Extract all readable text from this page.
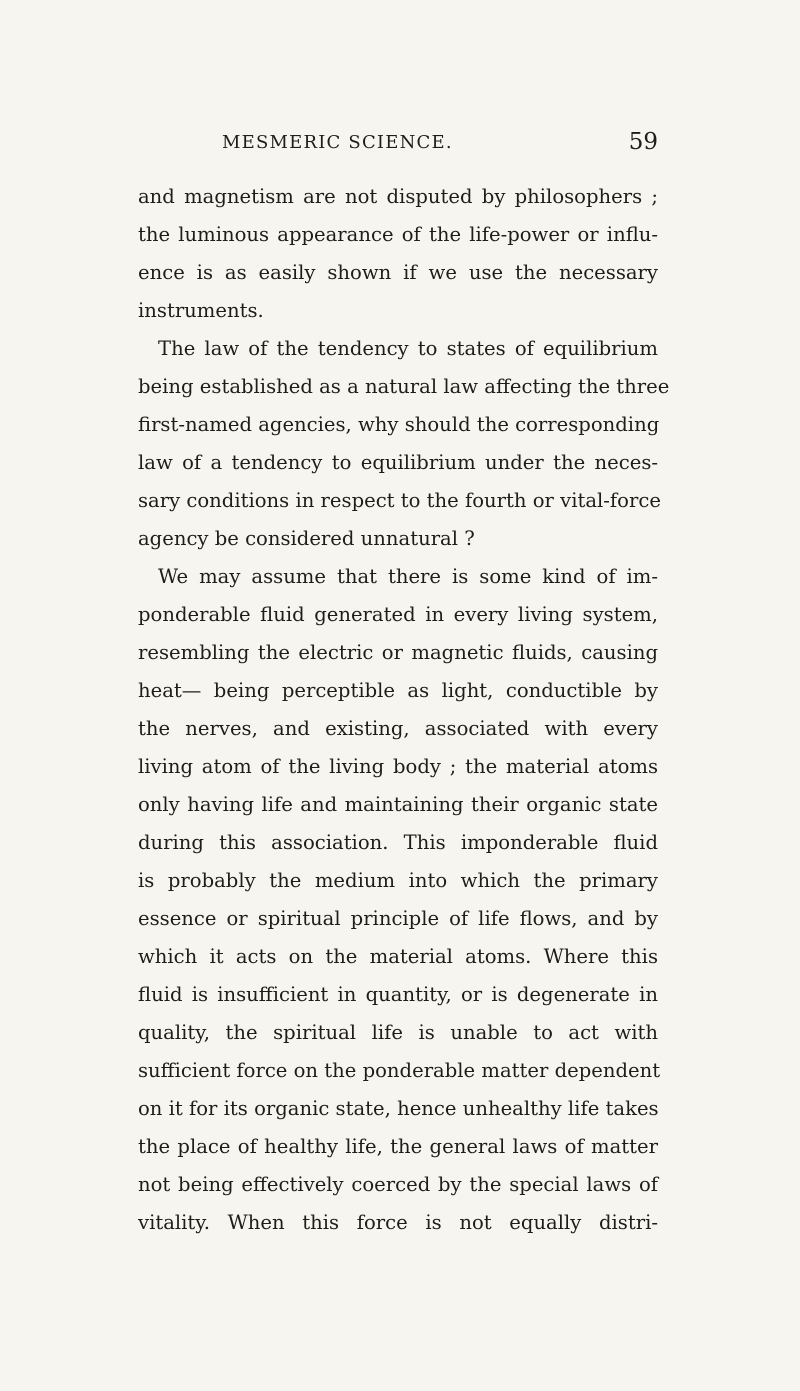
MESMERIC SCIENCE.	59
and magnetism are not disputed by philosophers ;
the luminous appearance of the life-power or influ-
ence is as easily shown if we use the necessary
instruments.
The law of the tendency to states of equilibrium
being established as a natural law affecting the three
first-named agencies, why should the corresponding
law of a tendency to equilibrium under the neces-
sary conditions in respect to the fourth or vital-force
agency be considered unnatural ?
We may assume that there is some kind of im-
ponderable fluid generated in every living system,
resembling the electric or magnetic fluids, causing
heat— being perceptible as light, conductible by
the nerves, and existing, associated with every
living atom of the living body ; the material atoms
only having life and maintaining their organic state
during this association. This imponderable fluid
is probably the medium into which the primary
essence or spiritual principle of life flows, and by
which it acts on the material atoms. Where this
fluid is insufficient in quantity, or is degenerate in
quality, the spiritual life is unable to act with
sufficient force on the ponderable matter dependent
on it for its organic state, hence unhealthy life takes
the place of healthy life, the general laws of matter
not being effectively coerced by the special laws of
vitality. When this force is not equally distri-
